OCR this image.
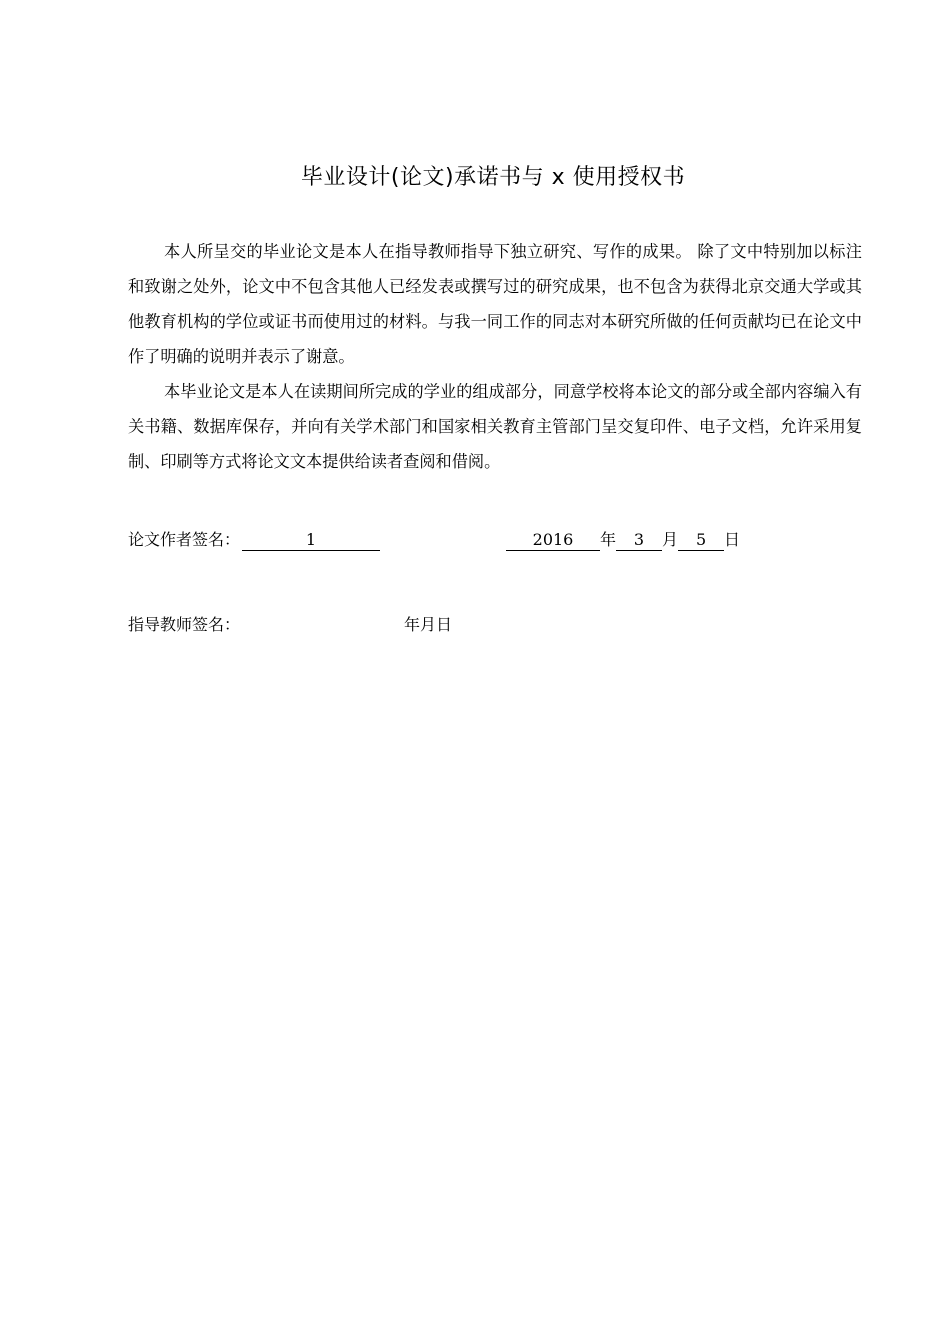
毕业设计(论文)承诺书与 x 使用授权书

本人所呈交的毕业论文是本人在指导教师指导下独立研究、写作的成果。 除了文中特别加以标注和致谢之处外，论文中不包含其他人已经发表或撰写过的研究成果，也不包含为获得北京交通大学或其他教育机构的学位或证书而使用过的材料。与我一同工作的同志对本研究所做的任何贡献均已在论文中作了明确的说明并表示了谢意。

本毕业论文是本人在读期间所完成的学业的组成部分，同意学校将本论文的部分或全部内容编入有关书籍、数据库保存，并向有关学术部门和国家相关教育主管部门呈交复印件、电子文档，允许采用复制、印刷等方式将论文文本提供给读者查阅和借阅。

论文作者签名：	1	2016 年 3 月 5 日
指导教师签名：	年月日
